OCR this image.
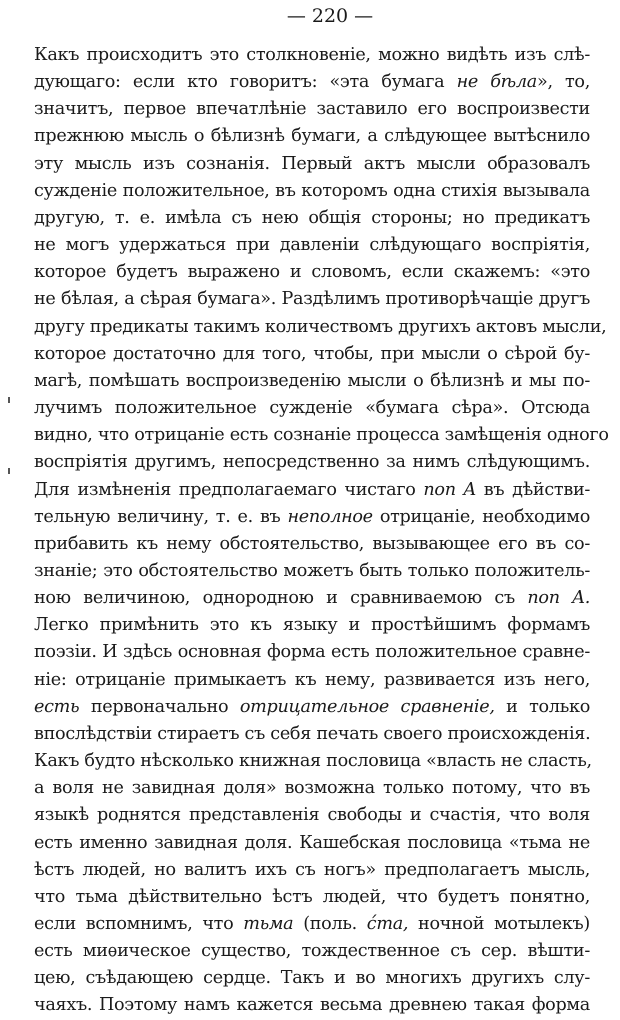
— 220 —
Какъ происходитъ это столкновеніе, можно видѣть изъ слѣ-
дующаго: если кто говоритъ: «эта бумага не бѣла», то,
значитъ, первое впечатлѣніе заставило его воспроизвести
прежнюю мысль о бѣлизнѣ бумаги, а слѣдующее вытѣснило
эту мысль изъ сознанія. Первый актъ мысли образовалъ
сужденіе положительное, въ которомъ одна стихія вызывала
другую, т. е. имѣла съ нею общія стороны; но предикатъ
не могъ удержаться при давленіи слѣдующаго воспріятія,
которое будетъ выражено и словомъ, если скажемъ: «это
не бѣлая, а сѣрая бумага». Раздѣлимъ противорѣчащіе другъ
другу предикаты такимъ количествомъ другихъ актовъ мысли,
которое достаточно для того, чтобы, при мысли о сѣрой бу-
магѣ, помѣшать воспроизведенію мысли о бѣлизнѣ и мы по-
лучимъ положительное сужденіе «бумага сѣра». Отсюда
видно, что отрицаніе есть сознаніе процесса замѣщенія одного
воспріятія другимъ, непосредственно за нимъ слѣдующимъ.
Для измѣненія предполагаемаго чистаго non A въ дѣйстви-
тельную величину, т. е. въ неполное отрицаніе, необходимо
прибавить къ нему обстоятельство, вызывающее его въ со-
знаніе; это обстоятельство можетъ быть только положитель-
ною величиною, однородною и сравниваемою съ non A.
Легко примѣнить это къ языку и простѣйшимъ формамъ
поэзіи. И здѣсь основная форма есть положительное сравне-
ніе: отрицаніе примыкаетъ къ нему, развивается изъ него,
есть первоначально отрицательное сравненіе, и только
впослѣдствіи стираетъ съ себя печать своего происхожденія.
Какъ будто нѣсколько книжная пословица «власть не сласть,
а воля не завидная доля» возможна только потому, что въ
языкѣ роднятся представленія свободы и счастія, что воля
есть именно завидная доля. Кашебская пословица «тьма не
ѣстъ людей, но валитъ ихъ съ ногъ» предполагаетъ мысль,
что тьма дѣйствительно ѣстъ людей, что будетъ понятно,
если вспомнимъ, что тьма (поль. ćma, ночной мотылекъ)
есть миѳическое существо, тождественное съ сер. вѣшти-
цею, съѣдающею сердце. Такъ и во многихъ другихъ слу-
чаяхъ. Поэтому намъ кажется весьма древнею такая форма
